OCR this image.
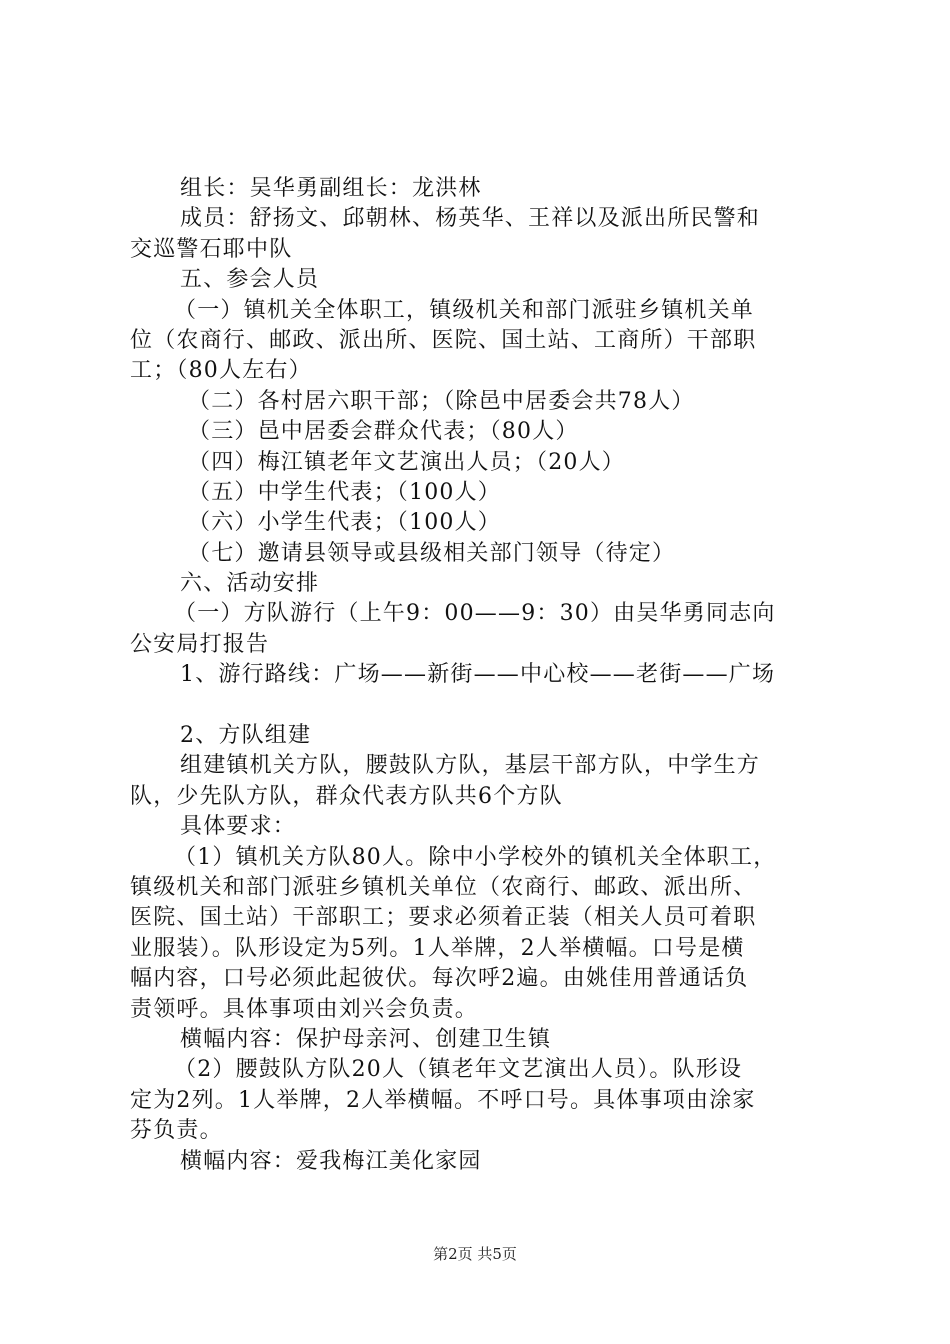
组长：吴华勇副组长：龙洪林
成员：舒扬文、邱朝林、杨英华、王祥以及派出所民警和
交巡警石耶中队
五、参会人员
（一）镇机关全体职工，镇级机关和部门派驻乡镇机关单
位（农商行、邮政、派出所、医院、国土站、工商所）干部职
工；（80人左右）
（二）各村居六职干部；（除邑中居委会共78人）
（三）邑中居委会群众代表；（80人）
（四）梅江镇老年文艺演出人员；（20人）
（五）中学生代表；（100人）
（六）小学生代表；（100人）
（七）邀请县领导或县级相关部门领导（待定）
六、活动安排
（一）方队游行（上午9：00——9：30）由吴华勇同志向
公安局打报告
1、游行路线：广场——新街——中心校——老街——广场
2、方队组建
组建镇机关方队，腰鼓队方队，基层干部方队，中学生方
队，少先队方队，群众代表方队共6个方队
具体要求：
（1）镇机关方队80人。除中小学校外的镇机关全体职工，
镇级机关和部门派驻乡镇机关单位（农商行、邮政、派出所、
医院、国土站）干部职工；要求必须着正装（相关人员可着职
业服装）。队形设定为5列。1人举牌，2人举横幅。口号是横
幅内容，口号必须此起彼伏。每次呼2遍。由姚佳用普通话负
责领呼。具体事项由刘兴会负责。
横幅内容：保护母亲河、创建卫生镇
（2）腰鼓队方队20人（镇老年文艺演出人员）。队形设
定为2列。1人举牌，2人举横幅。不呼口号。具体事项由涂家
芬负责。
横幅内容：爱我梅江美化家园
第2页 共5页
